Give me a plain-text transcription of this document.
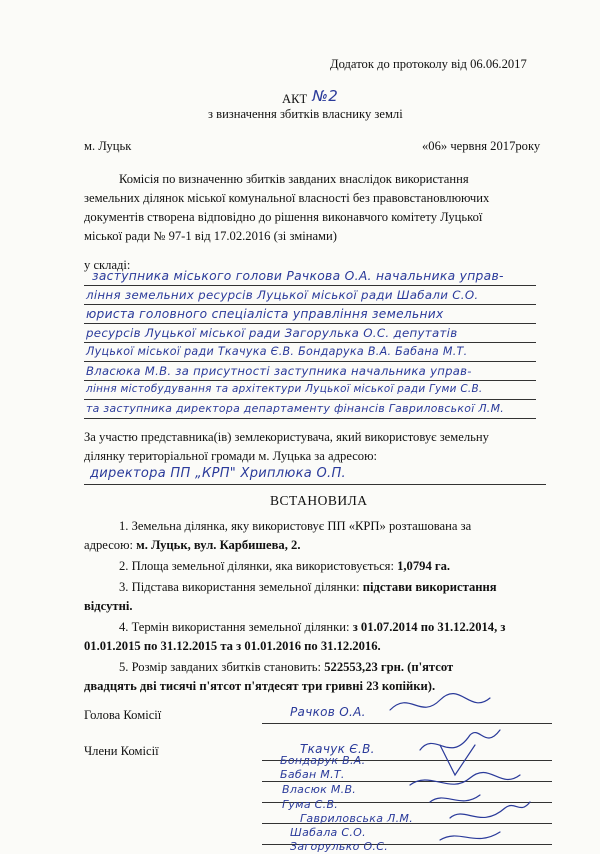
Додаток до протоколу від 06.06.2017
АКТ №2
з визначення збитків власнику землі
м. Луцьк	«06» червня 2017року
Комісія по визначенню збитків завданих внаслідок використання
земельних ділянок міської комунальної власності без правовстановлюючих
документів створена відповідно до рішення виконавчого комітету Луцької
міської ради № 97-1 від 17.02.2016 (зі змінами)
у складі:
заступника міського голови Рачкова О.А. начальника управ-
ління земельних ресурсів Луцької міської ради Шабали С.О.
юриста головного спеціаліста управління земельних
ресурсів Луцької міської ради Загорулька О.С. депутатів
Луцької міської ради Ткачука Є.В. Бондарука В.А. Бабана М.Т.
Власюка М.В. за присутності заступника начальника управ-
ління містобудування та архітектури Луцької міської ради Гуми С.В.
та заступника директора департаменту фінансів Гавриловської Л.М.
За участю представника(ів) землекористувача, який використовує земельну
ділянку територіальної громади м. Луцька за адресою:
директора ПП „КРП" Хриплюка О.П.
ВСТАНОВИЛА
1. Земельна ділянка, яку використовує ПП «КРП» розташована за
адресою: м. Луцьк, вул. Карбишева, 2.
2. Площа земельної ділянки, яка використовується: 1,0794 га.
3. Підстава використання земельної ділянки: підстави використання
відсутні.
4. Термін використання земельної ділянки: з 01.07.2014 по 31.12.2014, з
01.01.2015 по 31.12.2015 та з 01.01.2016 по 31.12.2016.
5. Розмір завданих збитків становить: 522553,23 грн. (п'ятсот
двадцять дві тисячі п'ятсот п'ятдесят три гривні 23 копійки).
Голова Комісії
Члени Комісії
Рачков О.А.
Ткачук Є.В.
Бондарук В.А.
Бабан М.Т.
Власюк М.В.
Гума С.В.
Гавриловська Л.М.
Шабала С.О.
Загорулько О.С.
